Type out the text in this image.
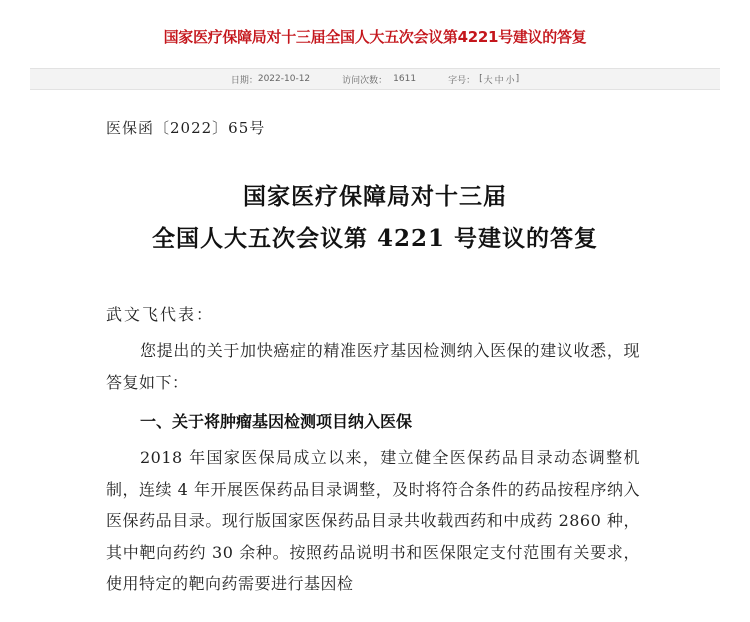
国家医疗保障局对十三届全国人大五次会议第4221号建议的答复
日期： 2022-10-12	访问次数： 1611	字号： [ 大 中 小 ]
医保函〔2022〕65号
国家医疗保障局对十三届
全国人大五次会议第 4221 号建议的答复
武文飞代表：
您提出的关于加快癌症的精准医疗基因检测纳入医保的建议收悉，现答复如下：
一、关于将肿瘤基因检测项目纳入医保
2018 年国家医保局成立以来，建立健全医保药品目录动态调整机制，连续 4 年开展医保药品目录调整，及时将符合条件的药品按程序纳入医保药品目录。现行版国家医保药品目录共收载西药和中成药 2860 种，其中靶向药约 30 余种。按照药品说明书和医保限定支付范围有关要求，使用特定的靶向药需要进行基因检
